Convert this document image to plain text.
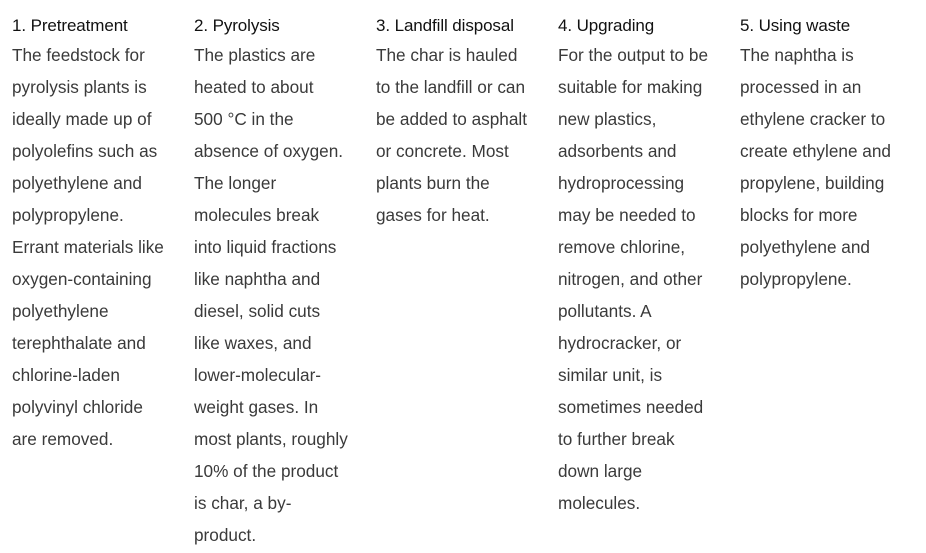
1. Pretreatment

The feedstock for
pyrolysis plants is
ideally made up of
polyolefins such as
polyethylene and
polypropylene.
Errant materials like
oxygen-containing
polyethylene
terephthalate and
chlorine-laden
polyvinyl chloride
are removed.

2. Pyrolysis

The plastics are
heated to about
500 °C in the
absence of oxygen.
The longer
molecules break
into liquid fractions
like naphtha and
diesel, solid cuts
like waxes, and
lower-molecular-
weight gases. In
most plants, roughly
10% of the product
is char, a by-
product.

3. Landfill disposal

The char is hauled
to the landfill or can
be added to asphalt
or concrete. Most
plants burn the
gases for heat.

4. Upgrading

For the output to be
suitable for making
new plastics,
adsorbents and
hydroprocessing
may be needed to
remove chlorine,
nitrogen, and other
pollutants. A
hydrocracker, or
similar unit, is
sometimes needed
to further break
down large
molecules.

5. Using waste

The naphtha is
processed in an
ethylene cracker to
create ethylene and
propylene, building
blocks for more
polyethylene and
polypropylene.
